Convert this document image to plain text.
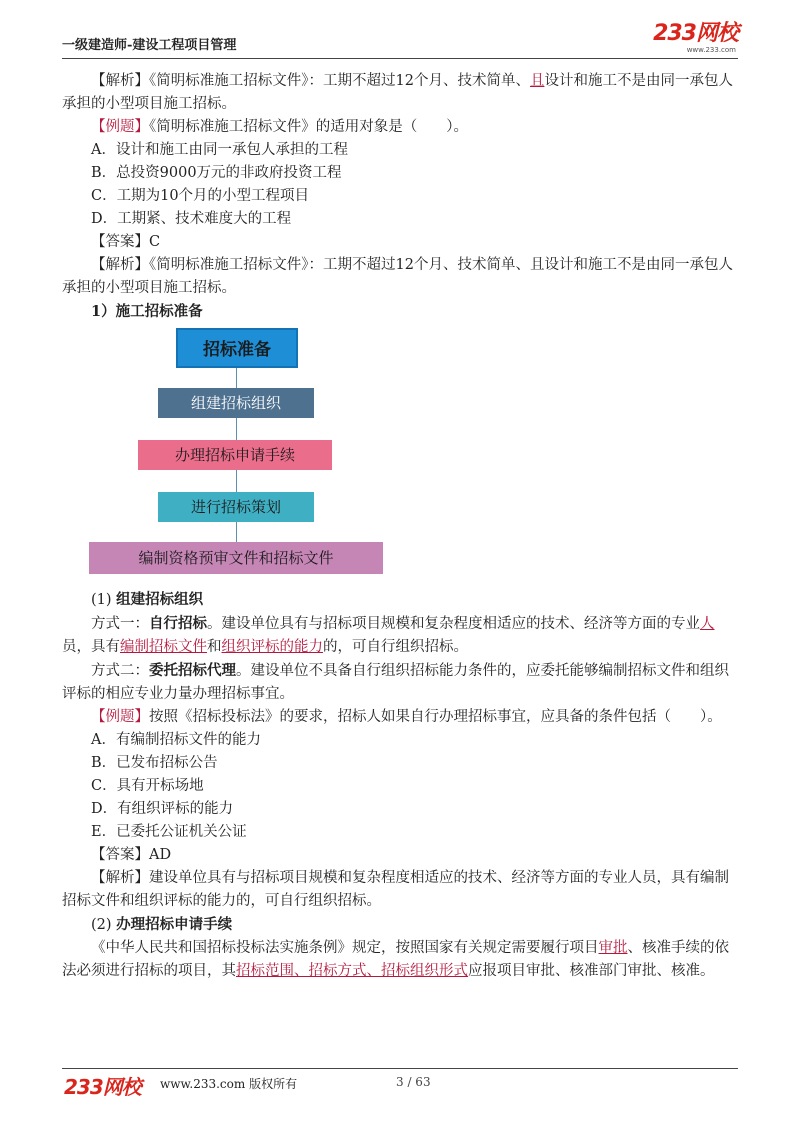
一级建造师-建设工程项目管理	233网校
www.233.com

【解析】《简明标准施工招标文件》：工期不超过12个月、技术简单、且设计和施工不是由同一承包人承担的小型项目施工招标。

【例题】《简明标准施工招标文件》的适用对象是（　　）。

A．设计和施工由同一承包人承担的工程

B．总投资9000万元的非政府投资工程

C．工期为10个月的小型工程项目

D．工期紧、技术难度大的工程

【答案】C

【解析】《简明标准施工招标文件》：工期不超过12个月、技术简单、且设计和施工不是由同一承包人承担的小型项目施工招标。

1）施工招标准备

招标准备
组建招标组织
办理招标申请手续
进行招标策划
编制资格预审文件和招标文件

(1) 组建招标组织

方式一：自行招标。建设单位具有与招标项目规模和复杂程度相适应的技术、经济等方面的专业人员，具有编制招标文件和组织评标的能力的，可自行组织招标。

方式二：委托招标代理。建设单位不具备自行组织招标能力条件的，应委托能够编制招标文件和组织评标的相应专业力量办理招标事宜。

【例题】按照《招标投标法》的要求，招标人如果自行办理招标事宜，应具备的条件包括（　　）。

A．有编制招标文件的能力

B．已发布招标公告

C．具有开标场地

D．有组织评标的能力

E．已委托公证机关公证

【答案】AD

【解析】建设单位具有与招标项目规模和复杂程度相适应的技术、经济等方面的专业人员，具有编制招标文件和组织评标的能力的，可自行组织招标。

(2) 办理招标申请手续

《中华人民共和国招标投标法实施条例》规定，按照国家有关规定需要履行项目审批、核准手续的依法必须进行招标的项目，其招标范围、招标方式、招标组织形式应报项目审批、核准部门审批、核准。

233网校 www.233.com 版权所有	3 / 63
